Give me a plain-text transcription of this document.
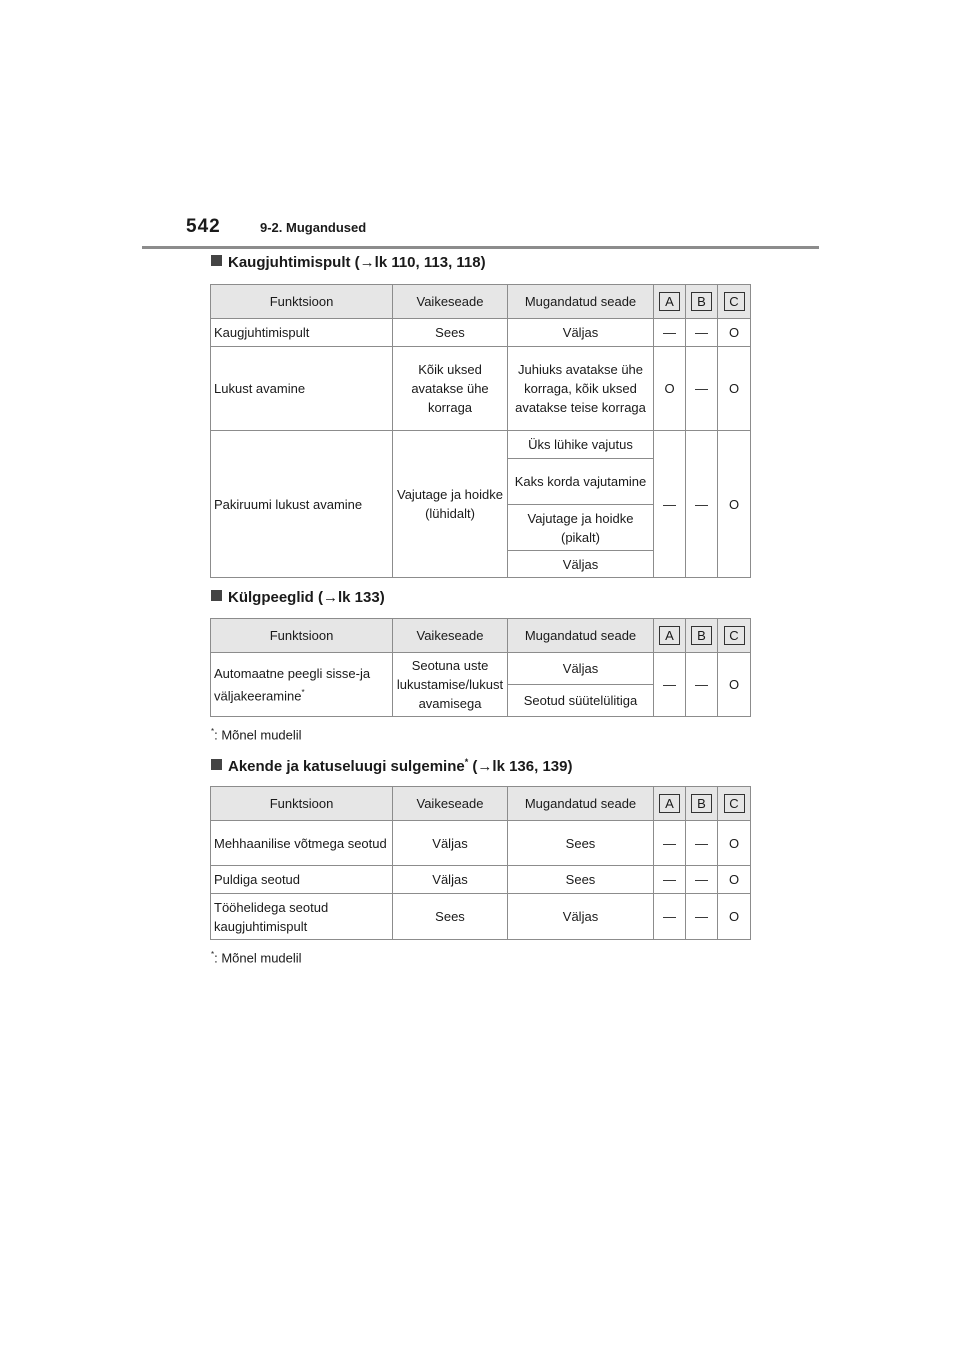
542	9-2. Mugandused
Kaugjuhtimispult (→lk 110, 113, 118)
Funktsioon	Vaikeseade	Mugandatud seade	A	B	C
Kaugjuhtimispult	Sees	Väljas	—	—	O
Lukust avamine	Kõik uksed avatakse ühe korraga	Juhiuks avatakse ühe korraga, kõik uksed avatakse teise korraga	O	—	O
Pakiruumi lukust avamine	Vajutage ja hoidke (lühidalt)	Üks lühike vajutus	—	—	O
		Kaks korda vajutamine			
		Vajutage ja hoidke (pikalt)			
		Väljas			
Külgpeeglid (→lk 133)
Funktsioon	Vaikeseade	Mugandatud seade	A	B	C
Automaatne peegli sisse-ja väljakeeramine*	Seotuna uste lukustamise/lukust avamisega	Väljas	—	—	O
		Seotud süütelülitiga			
*: Mõnel mudelil
Akende ja katuseluugi sulgemine* (→lk 136, 139)
Funktsioon	Vaikeseade	Mugandatud seade	A	B	C
Mehhaanilise võtmega seotud	Väljas	Sees	—	—	O
Puldiga seotud	Väljas	Sees	—	—	O
Tööhelidega seotud kaugjuhtimispult	Sees	Väljas	—	—	O
*: Mõnel mudelil
